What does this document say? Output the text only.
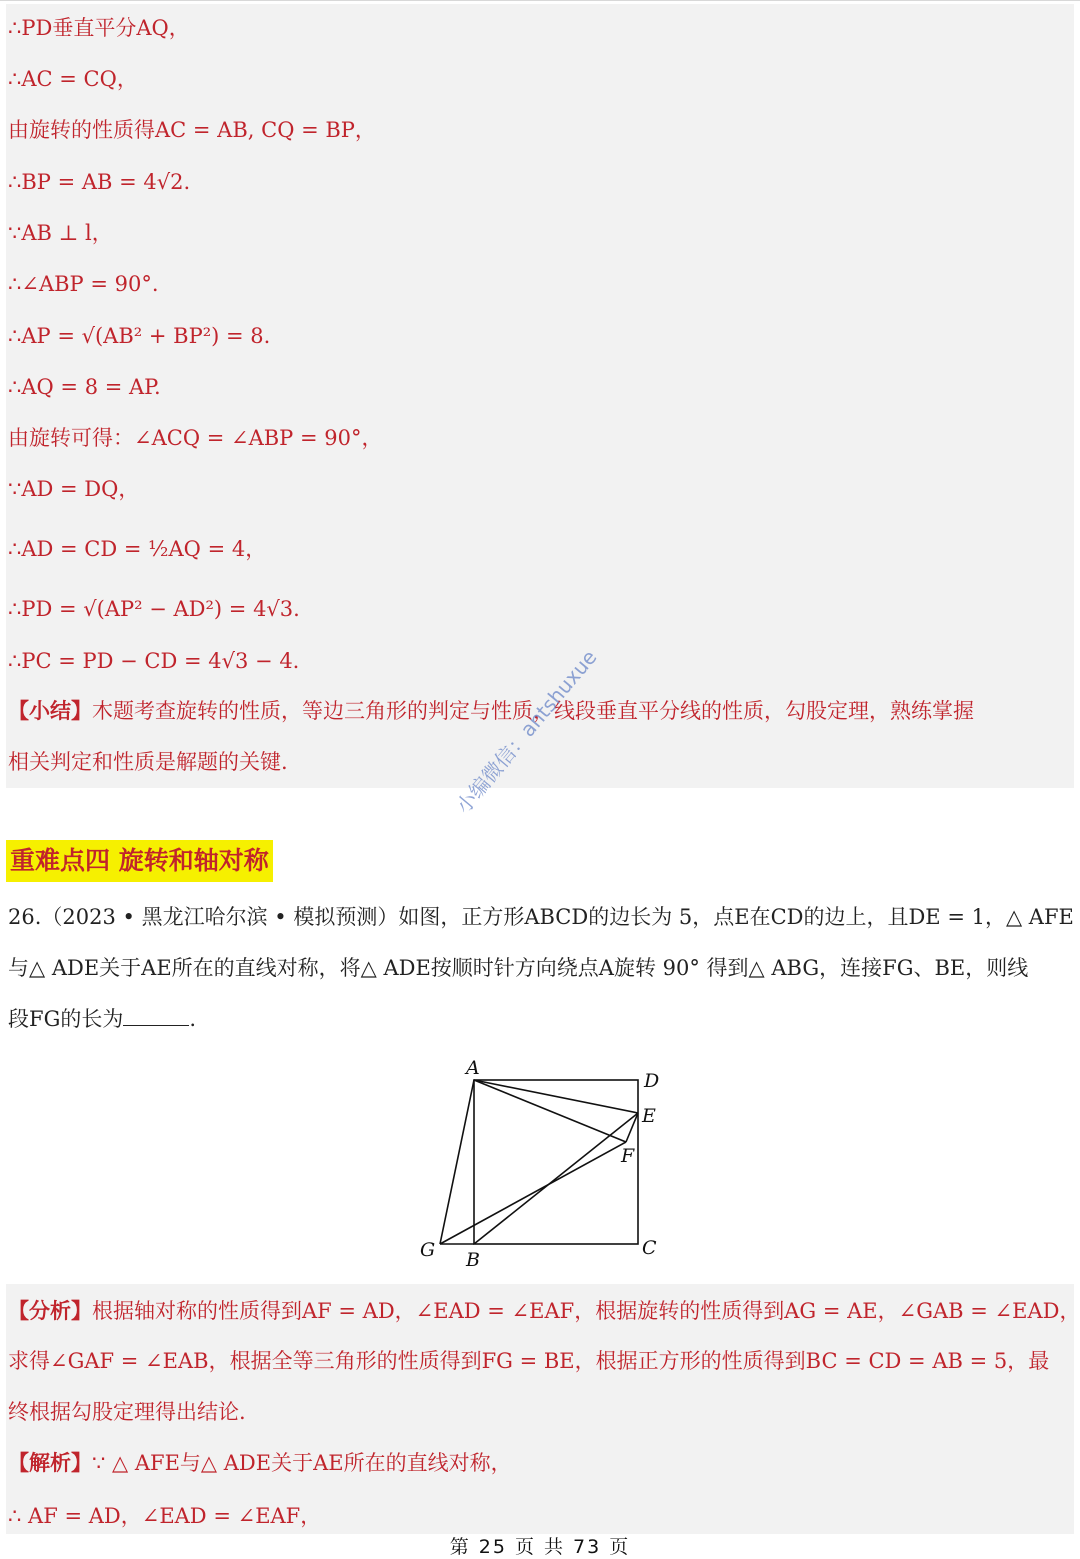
∴PD垂直平分AQ，
∴AC = CQ，
由旋转的性质得AC = AB, CQ = BP，
∴BP = AB = 4√2.
∵AB ⊥ l，
∴∠ABP = 90°.
∴AP = √(AB² + BP²) = 8.
∴AQ = 8 = AP.
由旋转可得：∠ACQ = ∠ABP = 90°，
∵AD = DQ，
∴AD = CD = ½AQ = 4，
∴PD = √(AP² − AD²) = 4√3.
∴PC = PD − CD = 4√3 − 4.
【小结】木题考查旋转的性质，等边三角形的判定与性质，线段垂直平分线的性质，勾股定理，熟练掌握
相关判定和性质是解题的关键.	小编微信：antshuxue
重难点四 旋转和轴对称
26.（2023 • 黑龙江哈尔滨 • 模拟预测）如图，正方形ABCD的边长为 5，点E在CD的边上，且DE = 1，△ AFE
与△ ADE关于AE所在的直线对称，将△ ADE按顺时针方向绕点A旋转 90° 得到△ ABG，连接FG、BE，则线
段FG的长为	.
A
D
E
F
G B
C
【分析】根据轴对称的性质得到AF = AD，∠EAD = ∠EAF，根据旋转的性质得到AG = AE，∠GAB = ∠EAD，
求得∠GAF = ∠EAB，根据全等三角形的性质得到FG = BE，根据正方形的性质得到BC = CD = AB = 5，最
终根据勾股定理得出结论.
【解析】∵ △ AFE与△ ADE关于AE所在的直线对称，
∴ AF = AD，∠EAD = ∠EAF，
第 25 页 共 73 页
